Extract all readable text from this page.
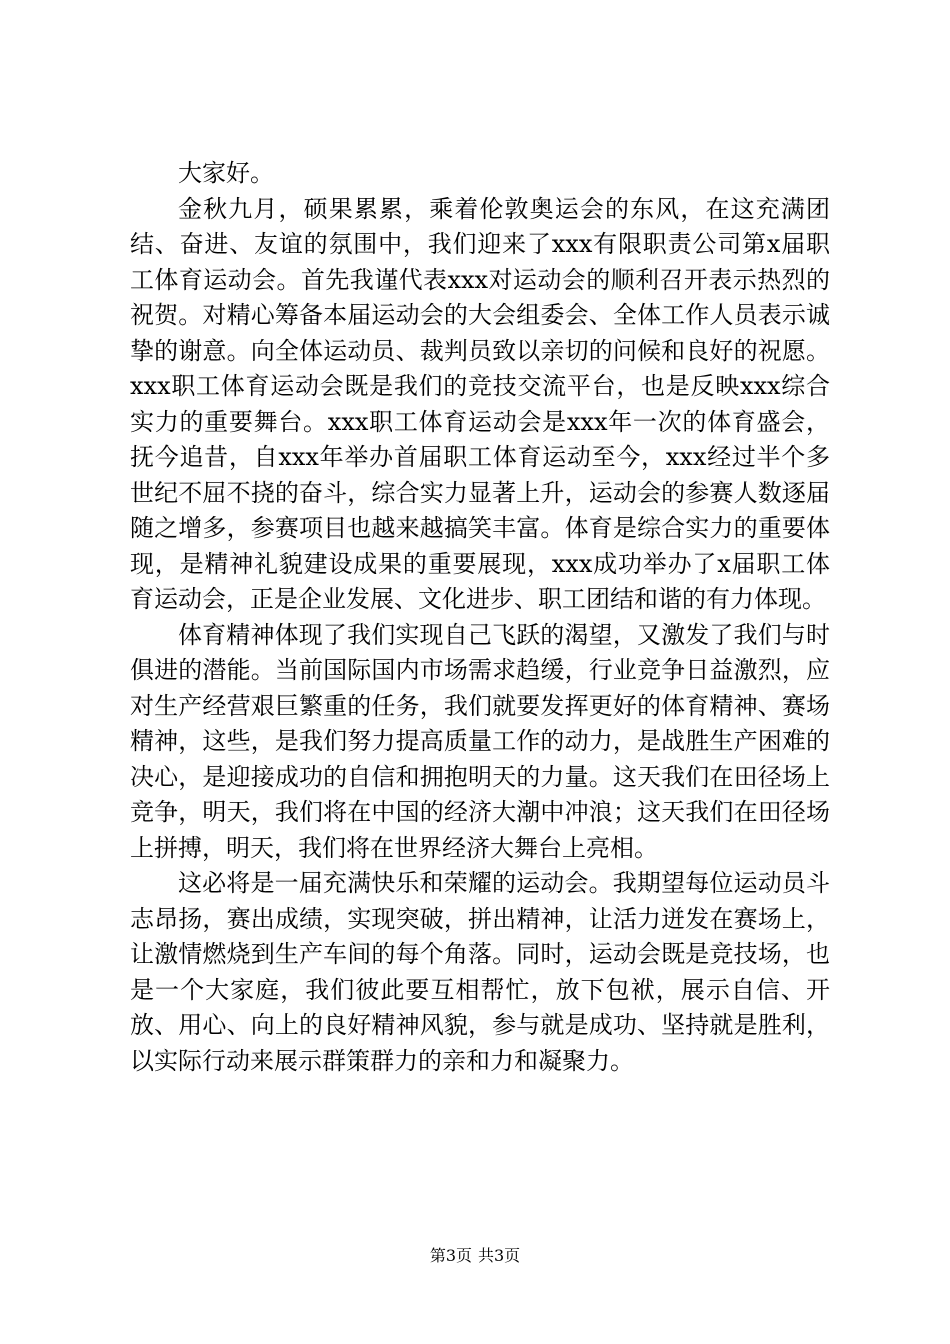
大家好。

金秋九月，硕果累累，乘着伦敦奥运会的东风，在这充满团结、奋进、友谊的氛围中，我们迎来了xxx有限职责公司第x届职工体育运动会。首先我谨代表xxx对运动会的顺利召开表示热烈的祝贺。对精心筹备本届运动会的大会组委会、全体工作人员表示诚挚的谢意。向全体运动员、裁判员致以亲切的问候和良好的祝愿。xxx职工体育运动会既是我们的竞技交流平台，也是反映xxx综合实力的重要舞台。xxx职工体育运动会是xxx年一次的体育盛会，抚今追昔，自xxx年举办首届职工体育运动至今，xxx经过半个多世纪不屈不挠的奋斗，综合实力显著上升，运动会的参赛人数逐届随之增多，参赛项目也越来越搞笑丰富。体育是综合实力的重要体现，是精神礼貌建设成果的重要展现，xxx成功举办了x届职工体育运动会，正是企业发展、文化进步、职工团结和谐的有力体现。

体育精神体现了我们实现自己飞跃的渴望，又激发了我们与时俱进的潜能。当前国际国内市场需求趋缓，行业竞争日益激烈，应对生产经营艰巨繁重的任务，我们就要发挥更好的体育精神、赛场精神，这些，是我们努力提高质量工作的动力，是战胜生产困难的决心，是迎接成功的自信和拥抱明天的力量。这天我们在田径场上竞争，明天，我们将在中国的经济大潮中冲浪；这天我们在田径场上拼搏，明天，我们将在世界经济大舞台上亮相。

这必将是一届充满快乐和荣耀的运动会。我期望每位运动员斗志昂扬，赛出成绩，实现突破，拼出精神，让活力迸发在赛场上，让激情燃烧到生产车间的每个角落。同时，运动会既是竞技场，也是一个大家庭，我们彼此要互相帮忙，放下包袱，展示自信、开放、用心、向上的良好精神风貌，参与就是成功、坚持就是胜利，以实际行动来展示群策群力的亲和力和凝聚力。

第3页 共3页
